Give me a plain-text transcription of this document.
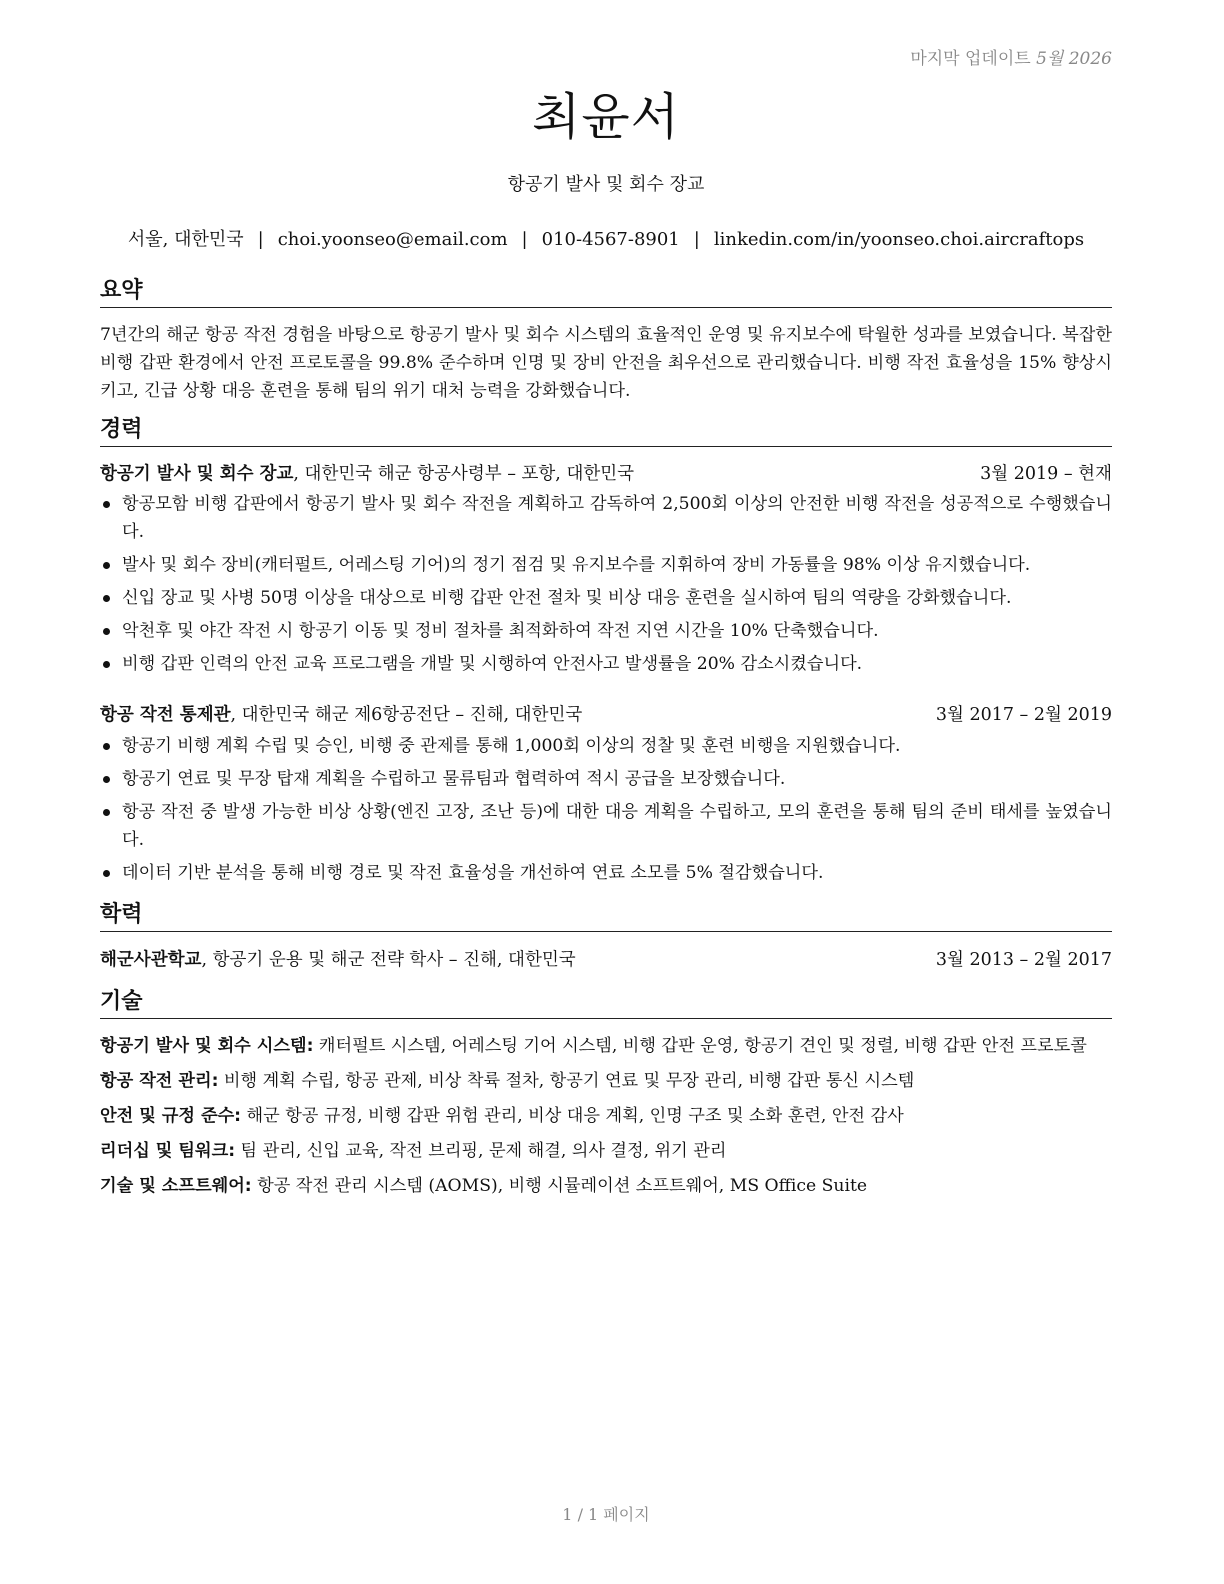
마지막 업데이트 5월 2026
최윤서
항공기 발사 및 회수 장교
서울, 대한민국 | choi.yoonseo@email.com | 010-4567-8901 | linkedin.com/in/yoonseo.choi.aircraftops
요약
7년간의 해군 항공 작전 경험을 바탕으로 항공기 발사 및 회수 시스템의 효율적인 운영 및 유지보수에 탁월한 성과를 보였습니다. 복잡한 비행 갑판 환경에서 안전 프로토콜을 99.8% 준수하며 인명 및 장비 안전을 최우선으로 관리했습니다. 비행 작전 효율성을 15% 향상시키고, 긴급 상황 대응 훈련을 통해 팀의 위기 대처 능력을 강화했습니다.
경력
항공기 발사 및 회수 장교, 대한민국 해군 항공사령부 – 포항, 대한민국	3월 2019 – 현재
항공모함 비행 갑판에서 항공기 발사 및 회수 작전을 계획하고 감독하여 2,500회 이상의 안전한 비행 작전을 성공적으로 수행했습니다.
발사 및 회수 장비(캐터펄트, 어레스팅 기어)의 정기 점검 및 유지보수를 지휘하여 장비 가동률을 98% 이상 유지했습니다.
신입 장교 및 사병 50명 이상을 대상으로 비행 갑판 안전 절차 및 비상 대응 훈련을 실시하여 팀의 역량을 강화했습니다.
악천후 및 야간 작전 시 항공기 이동 및 정비 절차를 최적화하여 작전 지연 시간을 10% 단축했습니다.
비행 갑판 인력의 안전 교육 프로그램을 개발 및 시행하여 안전사고 발생률을 20% 감소시켰습니다.
항공 작전 통제관, 대한민국 해군 제6항공전단 – 진해, 대한민국	3월 2017 – 2월 2019
항공기 비행 계획 수립 및 승인, 비행 중 관제를 통해 1,000회 이상의 정찰 및 훈련 비행을 지원했습니다.
항공기 연료 및 무장 탑재 계획을 수립하고 물류팀과 협력하여 적시 공급을 보장했습니다.
항공 작전 중 발생 가능한 비상 상황(엔진 고장, 조난 등)에 대한 대응 계획을 수립하고, 모의 훈련을 통해 팀의 준비 태세를 높였습니다.
데이터 기반 분석을 통해 비행 경로 및 작전 효율성을 개선하여 연료 소모를 5% 절감했습니다.
학력
해군사관학교, 항공기 운용 및 해군 전략 학사 – 진해, 대한민국	3월 2013 – 2월 2017
기술
항공기 발사 및 회수 시스템: 캐터펄트 시스템, 어레스팅 기어 시스템, 비행 갑판 운영, 항공기 견인 및 정렬, 비행 갑판 안전 프로토콜
항공 작전 관리: 비행 계획 수립, 항공 관제, 비상 착륙 절차, 항공기 연료 및 무장 관리, 비행 갑판 통신 시스템
안전 및 규정 준수: 해군 항공 규정, 비행 갑판 위험 관리, 비상 대응 계획, 인명 구조 및 소화 훈련, 안전 감사
리더십 및 팀워크: 팀 관리, 신입 교육, 작전 브리핑, 문제 해결, 의사 결정, 위기 관리
기술 및 소프트웨어: 항공 작전 관리 시스템 (AOMS), 비행 시뮬레이션 소프트웨어, MS Office Suite
1 / 1 페이지
